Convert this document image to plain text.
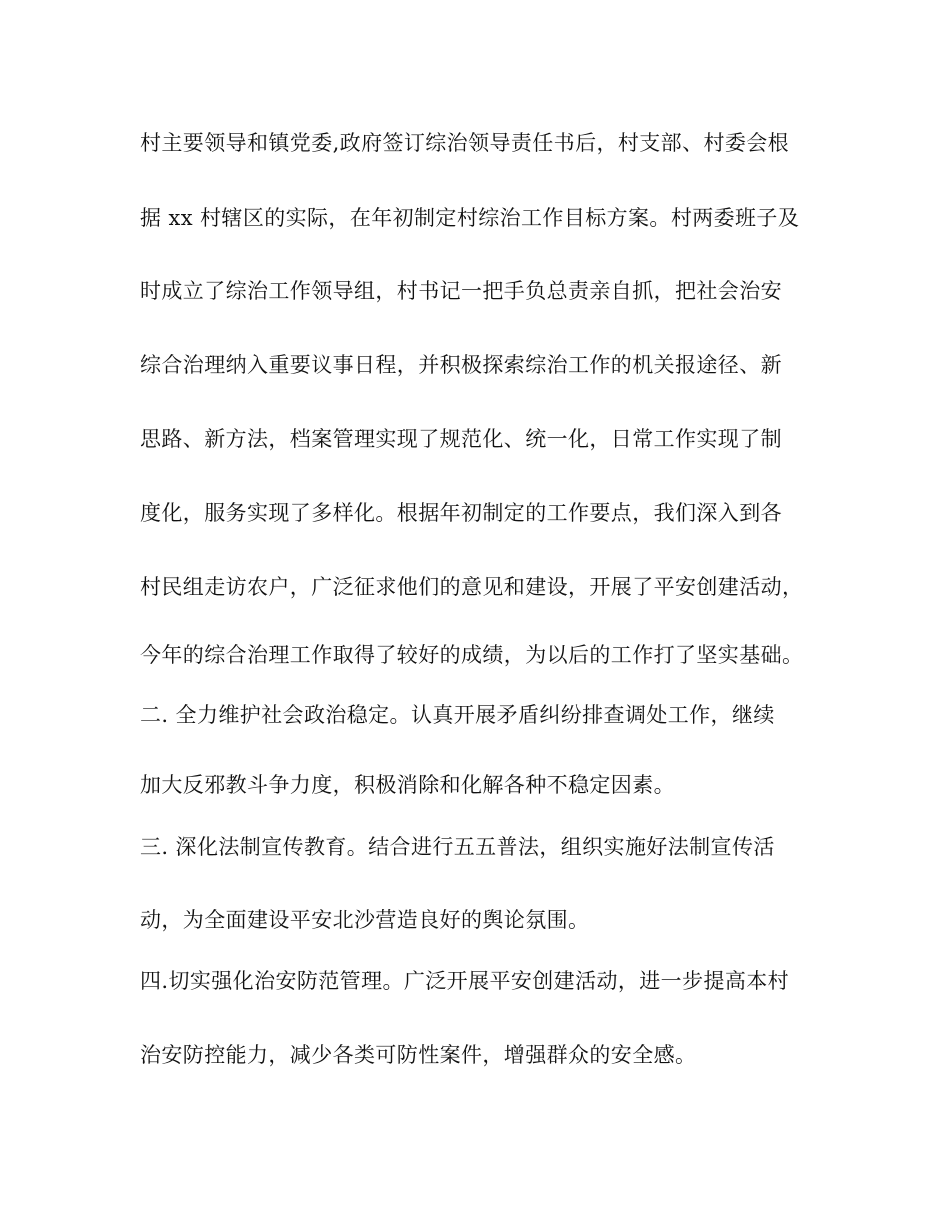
村主要领导和镇党委,政府签订综治领导责任书后，村支部、村委会根
据 xx 村辖区的实际，在年初制定村综治工作目标方案。村两委班子及
时成立了综治工作领导组，村书记一把手负总责亲自抓，把社会治安
综合治理纳入重要议事日程，并积极探索综治工作的机关报途径、新
思路、新方法，档案管理实现了规范化、统一化，日常工作实现了制
度化，服务实现了多样化。根据年初制定的工作要点，我们深入到各
村民组走访农户，广泛征求他们的意见和建设，开展了平安创建活动，
今年的综合治理工作取得了较好的成绩，为以后的工作打了坚实基础。
二. 全力维护社会政治稳定。认真开展矛盾纠纷排查调处工作，继续
加大反邪教斗争力度，积极消除和化解各种不稳定因素。
三. 深化法制宣传教育。结合进行五五普法，组织实施好法制宣传活
动，为全面建设平安北沙营造良好的舆论氛围。
四.切实强化治安防范管理。广泛开展平安创建活动，进一步提高本村
治安防控能力，减少各类可防性案件，增强群众的安全感。
